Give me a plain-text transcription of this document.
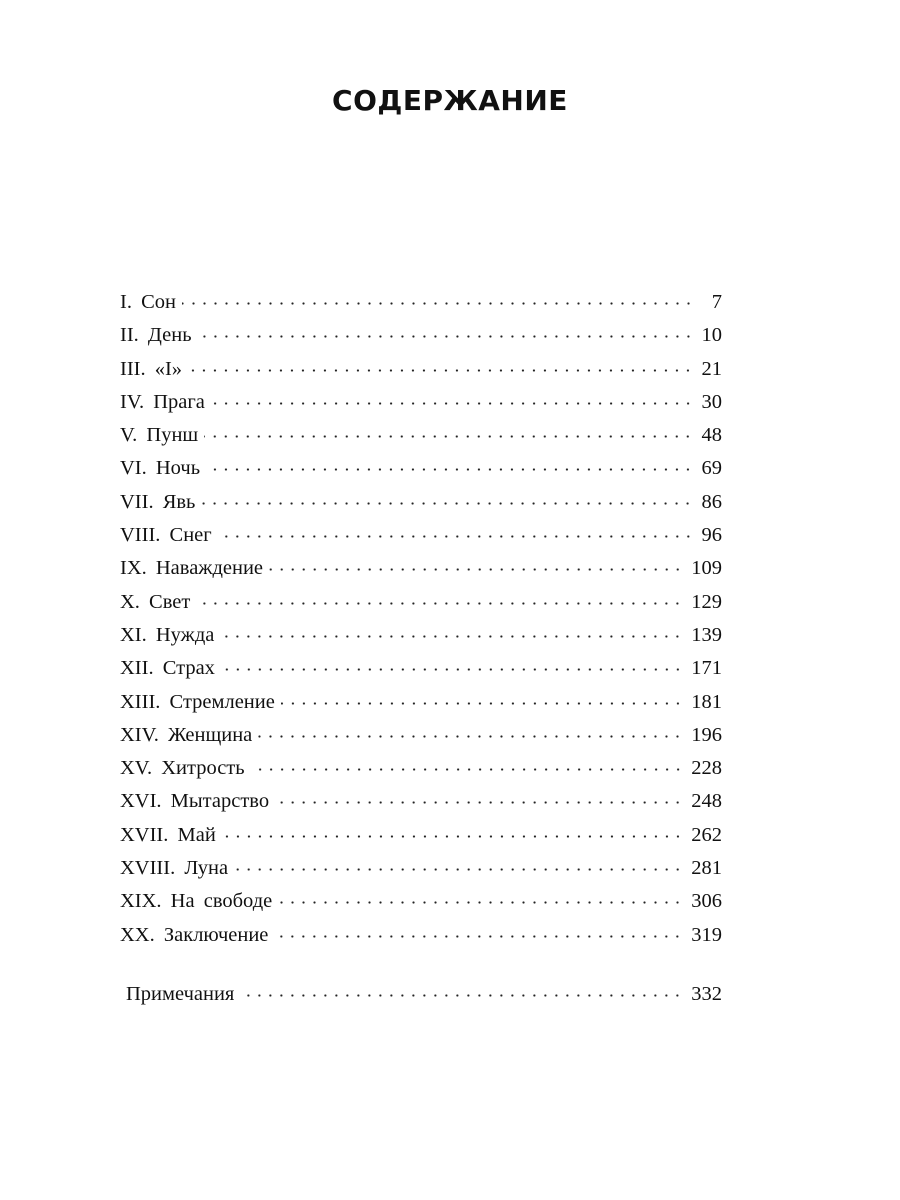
СОДЕРЖАНИЕ
I. Сон	7
II. День	10
III. «I»	21
IV. Прага	30
V. Пунш	48
VI. Ночь	69
VII. Явь	86
VIII. Снег	96
IX. Наваждение	109
X. Свет	129
XI. Нужда	139
XII. Страх	171
XIII. Стремление	181
XIV. Женщина	196
XV. Хитрость	228
XVI. Мытарство	248
XVII. Май	262
XVIII. Луна	281
XIX. На свободе	306
XX. Заключение	319
Примечания	332
